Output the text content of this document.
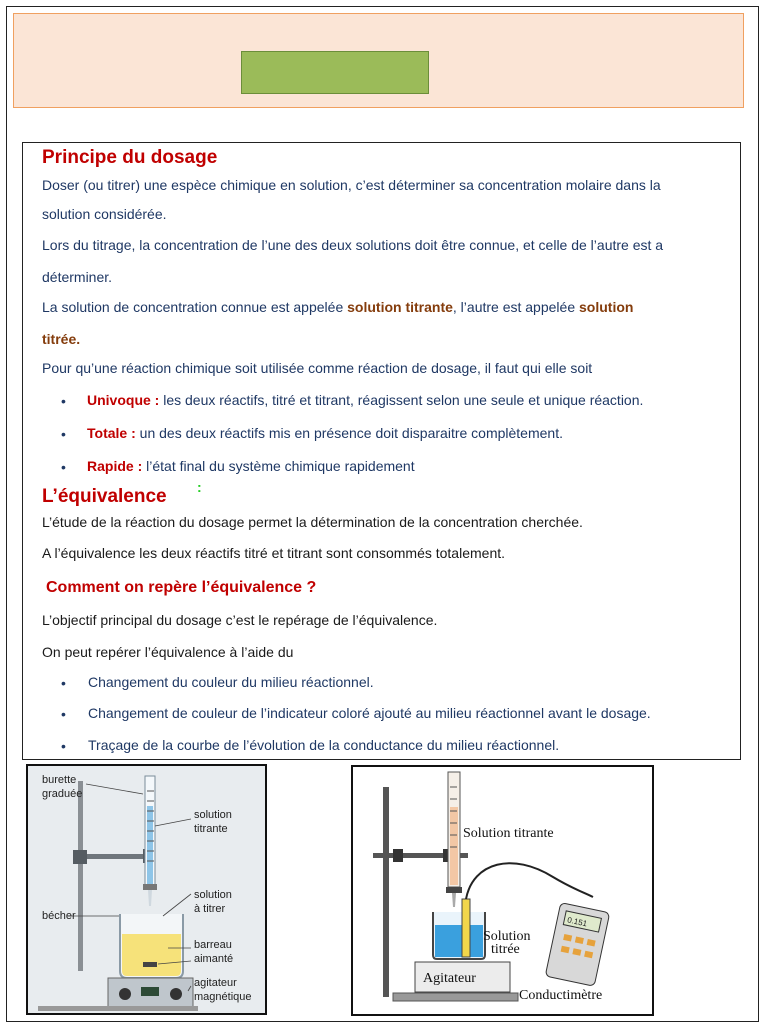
Principe du dosage
Doser (ou titrer) une espèce chimique en solution, c’est déterminer sa concentration molaire dans la
solution considérée.
Lors du titrage, la concentration de l’une des deux solutions doit être connue, et celle de l’autre est a
déterminer.
La solution de concentration connue est appelée solution titrante, l’autre est appelée solution
titrée.
Pour qu’une réaction chimique soit utilisée comme réaction de dosage, il faut qui elle soit
• Univoque : les deux réactifs, titré et titrant, réagissent selon une seule et unique réaction.
• Totale : un des deux réactifs mis en présence doit disparaitre complètement.
• Rapide : l’état final du système chimique rapidement
L’équivalence :
L’étude de la réaction du dosage permet la détermination de la concentration cherchée.
A l’équivalence les deux réactifs titré et titrant sont consommés totalement.
Comment on repère l’équivalence ?
L’objectif principal du dosage c’est le repérage de l’équivalence.
On peut repérer l’équivalence à l’aide du
• Changement du couleur du milieu réactionnel.
• Changement de couleur de l’indicateur coloré ajouté au milieu réactionnel avant le dosage.
• Traçage de la courbe de l’évolution de la conductance du milieu réactionnel.
burette
graduée
solution
titrante
solution
à titrer
bécher
barreau
aimanté
agitateur
magnétique
0.151
Solution titrante
Solution
titrée
Agitateur
Conductimètre
